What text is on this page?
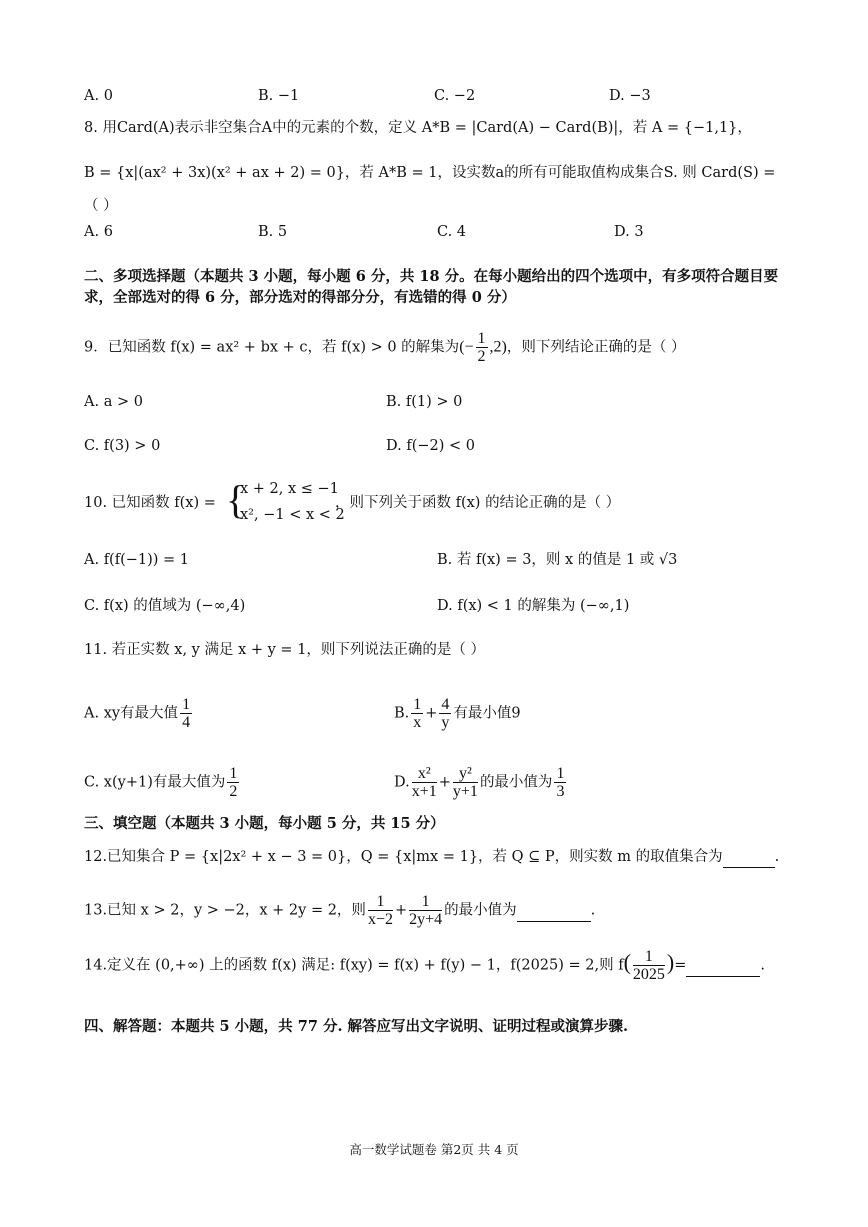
A. 0	B. −1	C. −2	D. −3
8. 用Card(A)表示非空集合A中的元素的个数，定义 A*B = |Card(A) − Card(B)|，若 A = {−1,1}，
B = {x|(ax² + 3x)(x² + ax + 2) = 0}，若 A*B = 1，设实数a的所有可能取值构成集合S. 则 Card(S) =
（ ）
A. 6	B. 5	C. 4	D. 3
二、多项选择题（本题共 3 小题，每小题 6 分，共 18 分。在每小题给出的四个选项中，有多项符合题目要求，全部选对的得 6 分，部分选对的得部分分，有选错的得 0 分）
9．已知函数 f(x) = ax² + bx + c，若 f(x) > 0 的解集为(− $\frac{1}{2} ,2$)，则下列结论正确的是（ ）
A. a > 0	B. f(1) > 0
C. f(3) > 0	D. f(−2) < 0
10. 已知函数 f(x) = {
x + 2, x ≤ −1
x², −1 < x < 2
，则下列关于函数 f(x) 的结论正确的是（ ）
A. f(f(−1)) = 1	B. 若 f(x) = 3，则 x 的值是 1 或 √3
C. f(x) 的值域为 (−∞,4)	D. f(x) < 1 的解集为 (−∞,1)
11. 若正实数 x, y 满足 x + y = 1，则下列说法正确的是（ ）
A. xy有最大值 $\frac{1}{4}$	B. $\frac{1}{x} + \frac{4}{y}$ 有最小值9
C. x(y+1)有最大值为 $\frac{1}{2}$	D. $\frac{\text{x²}}{x+1} + \frac{\text{y²}}{y+1}$ 的最小值为 $\frac{1}{3}$
三、填空题（本题共 3 小题，每小题 5 分，共 15 分）
12.已知集合 P = {x|2x² + x − 3 = 0}，Q = {x|mx = 1}，若 Q ⊆ P，则实数 m 的取值集合为	.
13.已知 x > 2，y > −2，x + 2y = 2，则 $\frac{1}{x-2} + \frac{1}{2y+4}$ 的最小值为	.
14.定义在 (0,+∞) 上的函数 f(x) 满足: f(xy) = f(x) + f(y) − 1，f(2025) = 2,则 $f( \frac{1}{2025}$ )=	.
四、解答题：本题共 5 小题，共 77 分. 解答应写出文字说明、证明过程或演算步骤.
高一数学试题卷 第2页 共 4 页
